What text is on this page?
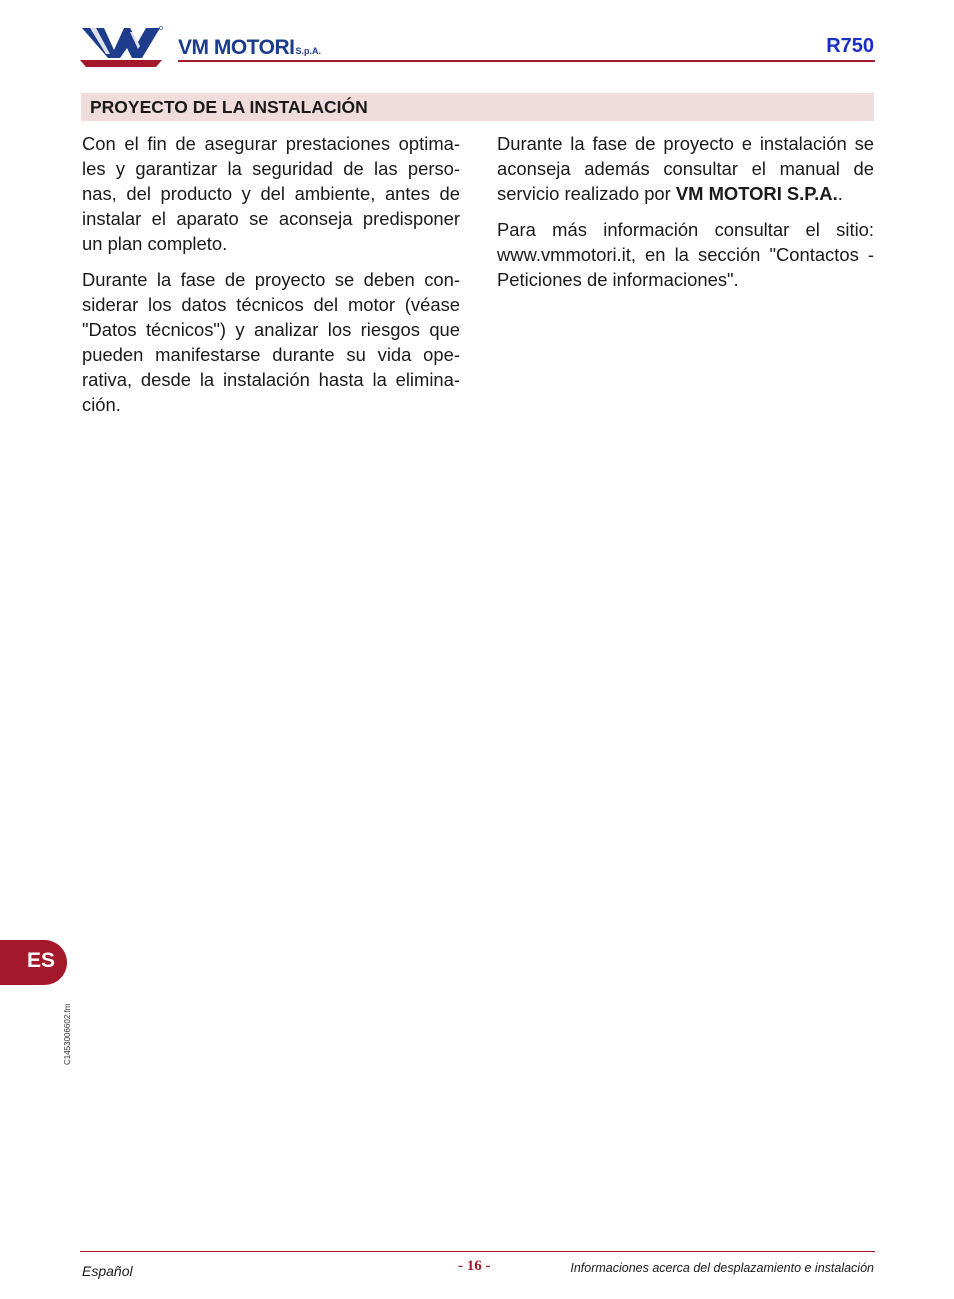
VM MOTORIS.p.A.	R750
PROYECTO DE LA INSTALACIÓN

Con el fin de asegurar prestaciones optima-
les y garantizar la seguridad de las perso-
nas, del producto y del ambiente, antes de
instalar el aparato se aconseja predisponer
un plan completo.

Durante la fase de proyecto se deben con-
siderar los datos técnicos del motor (véase
"Datos técnicos") y analizar los riesgos que
pueden manifestarse durante su vida ope-
rativa, desde la instalación hasta la elimina-
ción.

Durante la fase de proyecto e instalación se aconseja además consultar el manual de servicio realizado por VM MOTORI S.P.A..

Para más información consultar el sitio:
www.vmmotori.it, en la sección "Contactos -
Peticiones de informaciones".

ES
C1453006602.fm
Español	- 16 -	Informaciones acerca del desplazamiento e instalación
